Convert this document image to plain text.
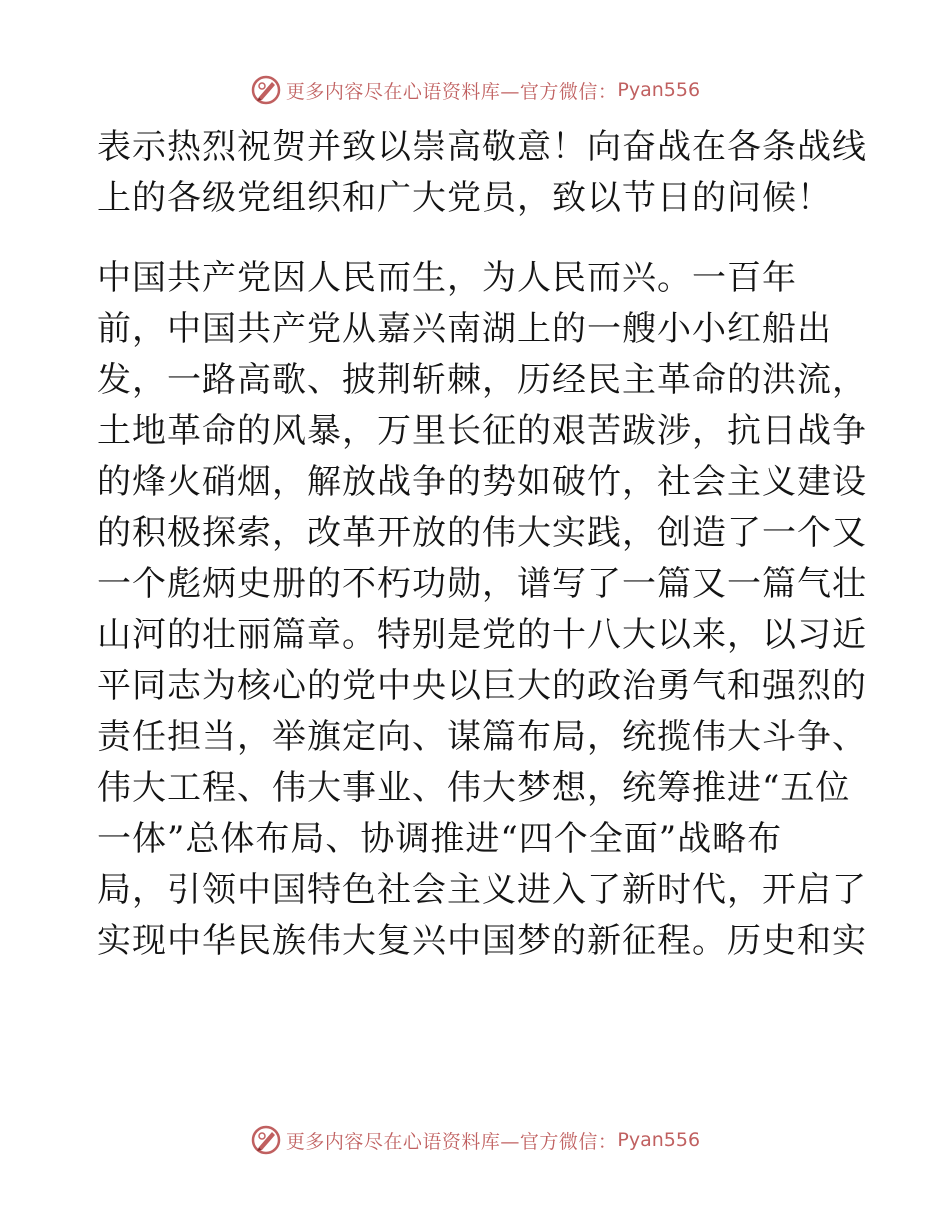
更多内容尽在心语资料库—官方微信： Pyan556
表示热烈祝贺并致以崇高敬意！向奋战在各条战线
上的各级党组织和广大党员，致以节日的问候！
中国共产党因人民而生，为人民而兴。一百年
前，中国共产党从嘉兴南湖上的一艘小小红船出
发，一路高歌、披荆斩棘，历经民主革命的洪流，
土地革命的风暴，万里长征的艰苦跋涉，抗日战争
的烽火硝烟，解放战争的势如破竹，社会主义建设
的积极探索，改革开放的伟大实践，创造了一个又
一个彪炳史册的不朽功勋，谱写了一篇又一篇气壮
山河的壮丽篇章。特别是党的十八大以来，以习近
平同志为核心的党中央以巨大的政治勇气和强烈的
责任担当，举旗定向、谋篇布局，统揽伟大斗争、
伟大工程、伟大事业、伟大梦想，统筹推进“五位
一体”总体布局、协调推进“四个全面”战略布
局，引领中国特色社会主义进入了新时代，开启了
实现中华民族伟大复兴中国梦的新征程。历史和实
更多内容尽在心语资料库—官方微信： Pyan556
